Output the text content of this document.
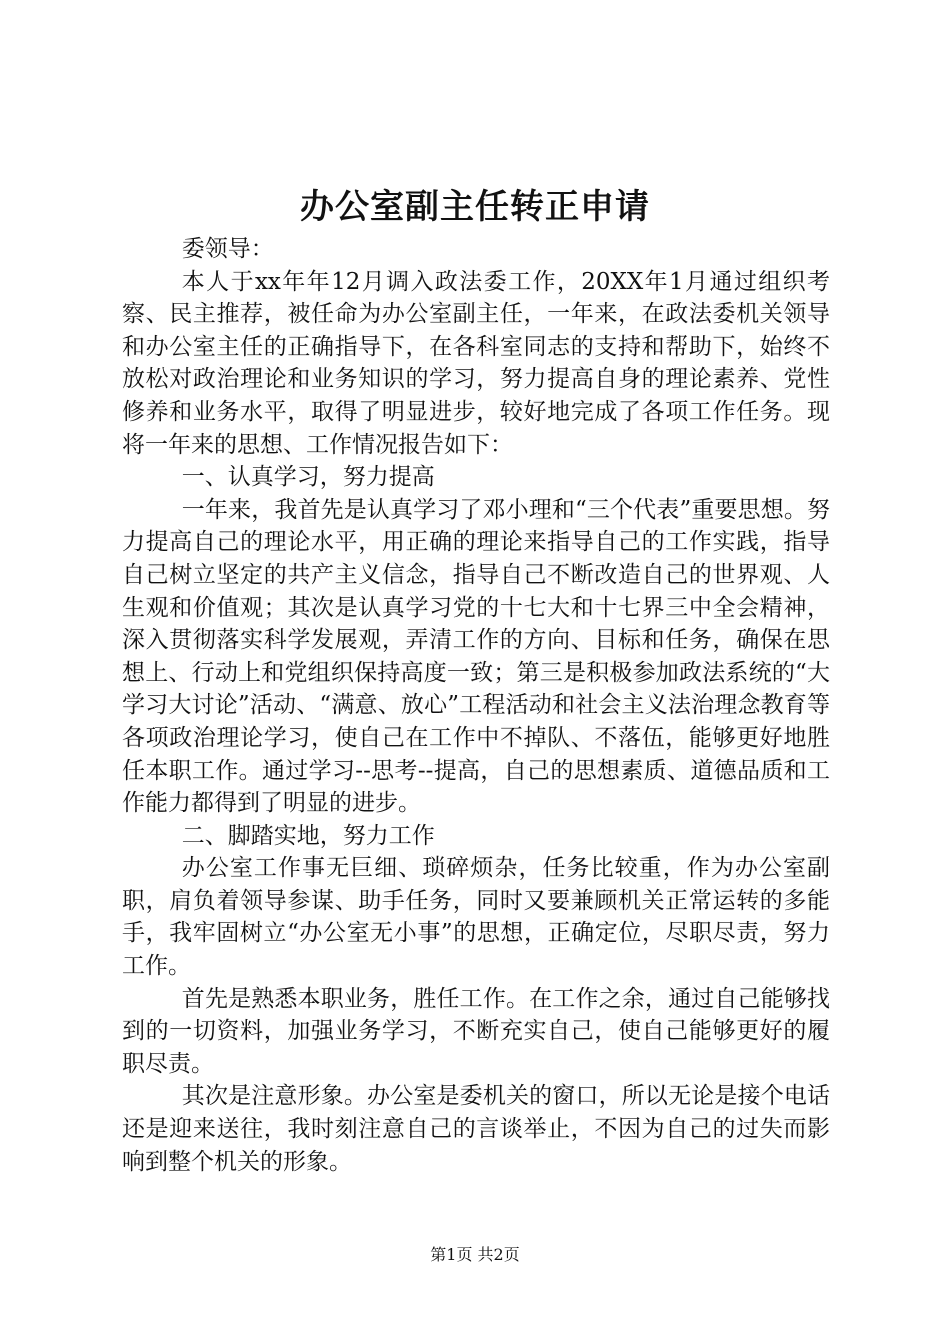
办公室副主任转正申请

委领导：

本人于xx年年12月调入政法委工作，20XX年1月通过组织考察、民主推荐，被任命为办公室副主任，一年来，在政法委机关领导和办公室主任的正确指导下，在各科室同志的支持和帮助下，始终不放松对政治理论和业务知识的学习，努力提高自身的理论素养、党性修养和业务水平，取得了明显进步，较好地完成了各项工作任务。现将一年来的思想、工作情况报告如下：

一、认真学习，努力提高

一年来，我首先是认真学习了邓小理和“三个代表”重要思想。努力提高自己的理论水平，用正确的理论来指导自己的工作实践，指导自己树立坚定的共产主义信念，指导自己不断改造自己的世界观、人生观和价值观；其次是认真学习党的十七大和十七界三中全会精神，深入贯彻落实科学发展观，弄清工作的方向、目标和任务，确保在思想上、行动上和党组织保持高度一致；第三是积极参加政法系统的“大学习大讨论”活动、“满意、放心”工程活动和社会主义法治理念教育等各项政治理论学习，使自己在工作中不掉队、不落伍，能够更好地胜任本职工作。通过学习--思考--提高，自己的思想素质、道德品质和工作能力都得到了明显的进步。

二、脚踏实地，努力工作

办公室工作事无巨细、琐碎烦杂，任务比较重，作为办公室副职，肩负着领导参谋、助手任务，同时又要兼顾机关正常运转的多能手，我牢固树立“办公室无小事”的思想，正确定位，尽职尽责，努力工作。

首先是熟悉本职业务，胜任工作。在工作之余，通过自己能够找到的一切资料，加强业务学习，不断充实自己，使自己能够更好的履职尽责。

其次是注意形象。办公室是委机关的窗口，所以无论是接个电话还是迎来送往，我时刻注意自己的言谈举止，不因为自己的过失而影响到整个机关的形象。

第1页 共2页
